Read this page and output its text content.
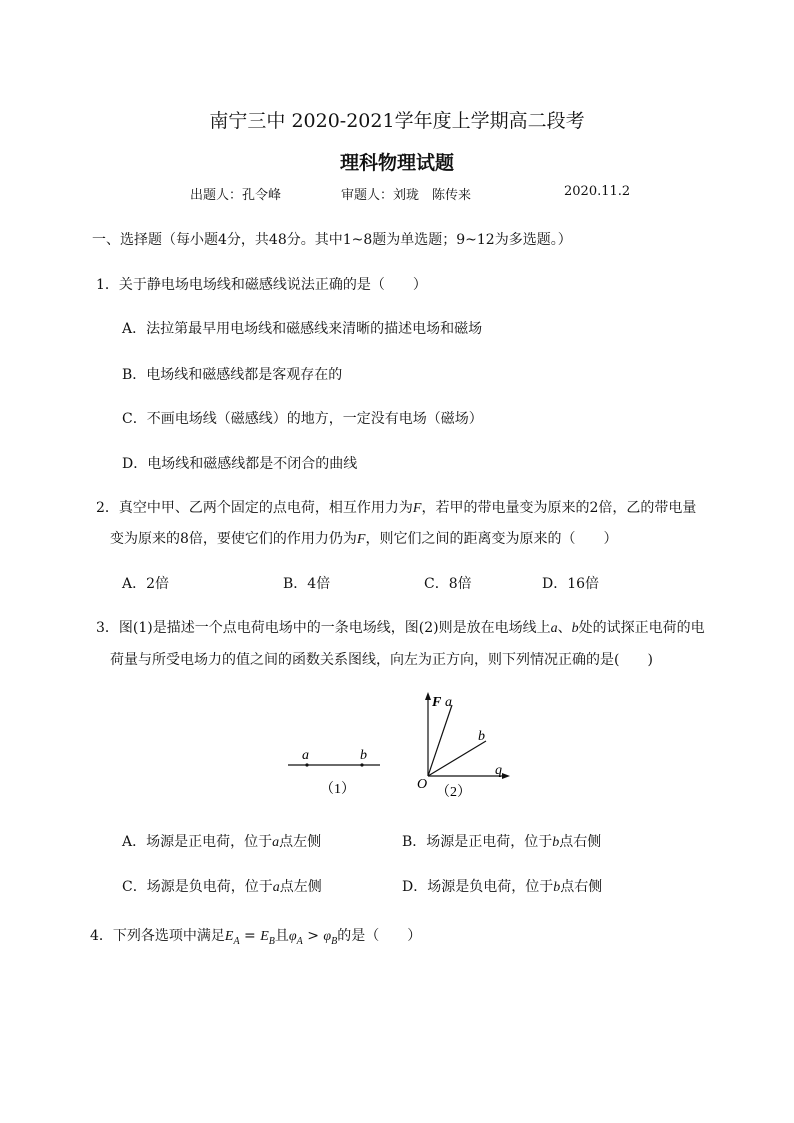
南宁三中 2020-2021学年度上学期高二段考
理科物理试题
出题人：孔令峰	审题人：刘珑　陈传来	2020.11.2
一、选择题（每小题4分，共48分。其中1~8题为单选题；9~12为多选题。）
1．关于静电场电场线和磁感线说法正确的是（　　）
A．法拉第最早用电场线和磁感线来清晰的描述电场和磁场
B．电场线和磁感线都是客观存在的
C．不画电场线（磁感线）的地方，一定没有电场（磁场）
D．电场线和磁感线都是不闭合的曲线
2．真空中甲、乙两个固定的点电荷，相互作用力为F，若甲的带电量变为原来的2倍，乙的带电量
变为原来的8倍，要使它们的作用力仍为F，则它们之间的距离变为原来的（　　）
A．2倍	B．4倍	C．8倍	D．16倍
3．图(1)是描述一个点电荷电场中的一条电场线，图(2)则是放在电场线上a、b处的试探正电荷的电
荷量与所受电场力的值之间的函数关系图线，向左为正方向，则下列情况正确的是(　　)
a	b
（1）
F a
b
q
O
（2）
A．场源是正电荷，位于a点左侧	B．场源是正电荷，位于b点右侧
C．场源是负电荷，位于a点左侧	D．场源是负电荷，位于b点右侧
4．下列各选项中满足$E_A = E_B$且$\varphi_A > \varphi_B$的是（　　）
